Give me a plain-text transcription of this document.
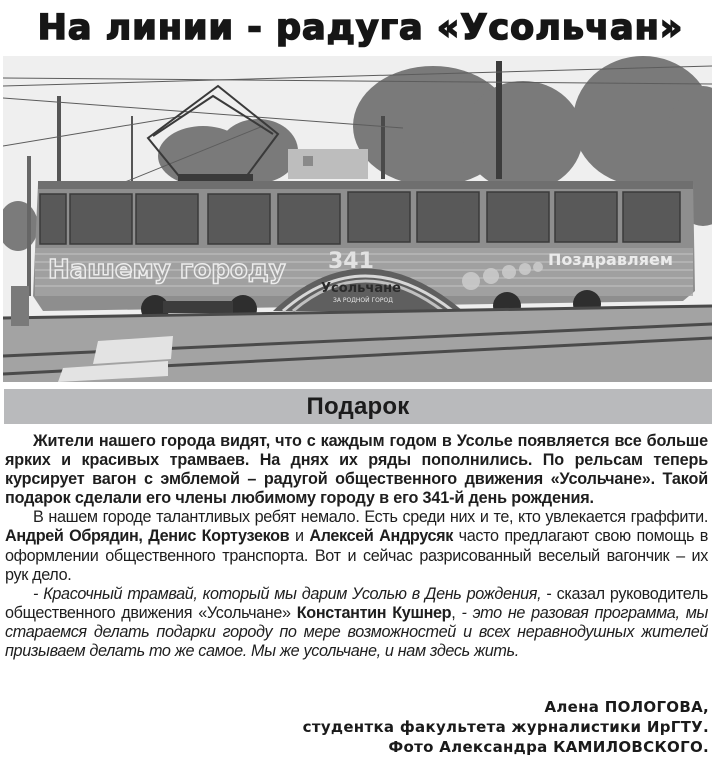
На линии - радуга «Усольчан»
Нашему городу 341
Усольчане
ЗА РОДНОЙ ГОРОД
Поздравляем
Подарок

Жители нашего города видят, что с каждым годом в Усолье появляется все больше ярких и красивых трамваев. На днях их ряды пополнились. По рельсам теперь курсирует вагон с эмблемой – радугой общественного движения «Усольчане». Такой подарок сделали его члены любимому городу в его 341-й день рождения.

В нашем городе талантливых ребят немало. Есть среди них и те, кто увлекается граффити. Андрей Обрядин, Денис Кортузеков и Алексей Андрусяк часто предлагают свою помощь в оформлении общественного транспорта. Вот и сейчас разрисованный веселый вагончик – их рук дело.

- Красочный трамвай, который мы дарим Усолью в День рождения, - сказал руководитель общественного движения «Усольчане» Константин Кушнер, - это не разовая программа, мы стараемся делать подарки городу по мере возможностей и всех неравнодушных жителей призываем делать то же самое. Мы же усольчане, и нам здесь жить.

Алена ПОЛОГОВА,
студентка факультета журналистики ИрГТУ.
Фото Александра КАМИЛОВСКОГО.
